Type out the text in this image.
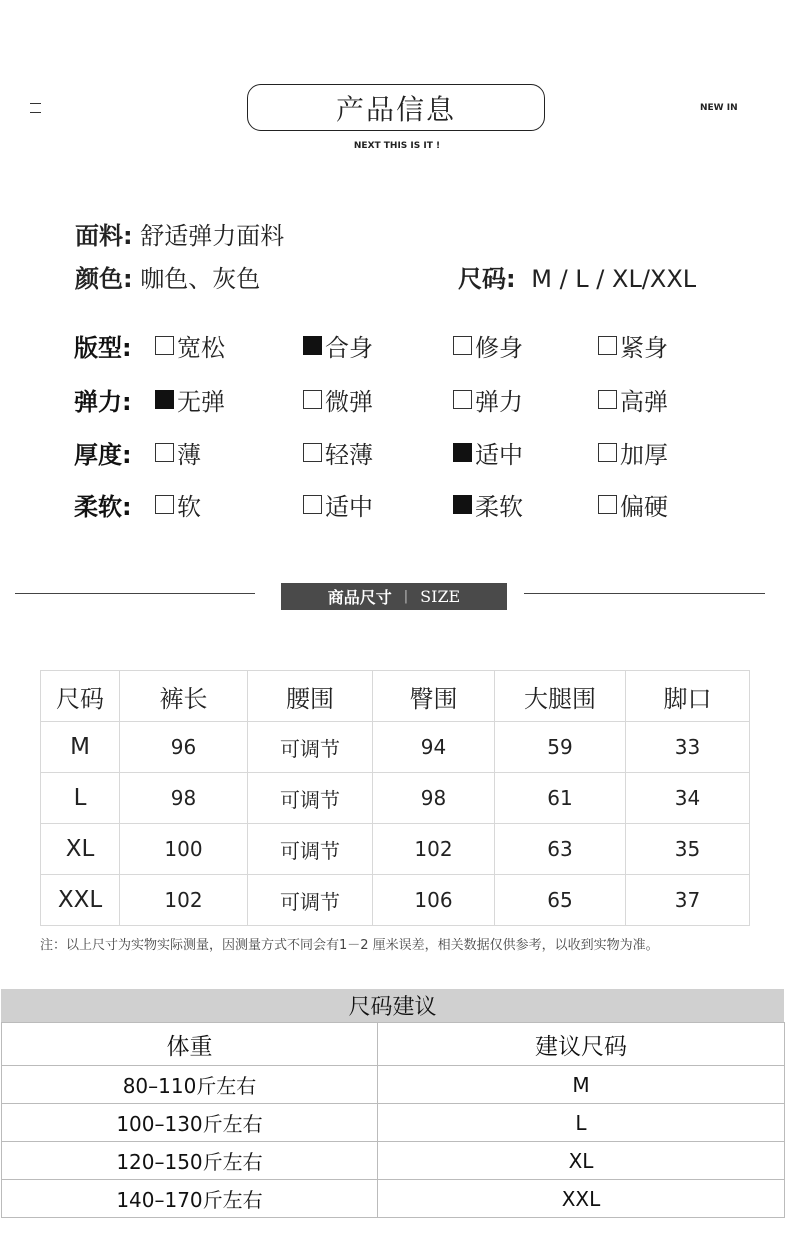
产品信息
NEXT THIS IS IT !
NEW IN
面料: 舒适弹力面料
颜色: 咖色、灰色	尺码: M / L / XL/XXL
版型: 宽松	合身	修身	紧身
弹力: 无弹	微弹	弹力	高弹
厚度: 薄	轻薄	适中	加厚
柔软: 软	适中	柔软	偏硬
商品尺寸 | SIZE
尺码	裤长	腰围	臀围	大腿围	脚口
M	96	可调节	94	59	33
L	98	可调节	98	61	34
XL	100	可调节	102	63	35
XXL	102	可调节	106	65	37
注：以上尺寸为实物实际测量，因测量方式不同会有1－2 厘米误差，相关数据仅供参考，以收到实物为准。
尺码建议
体重	建议尺码
80–110斤左右	M
100–130斤左右	L
120–150斤左右	XL
140–170斤左右	XXL
